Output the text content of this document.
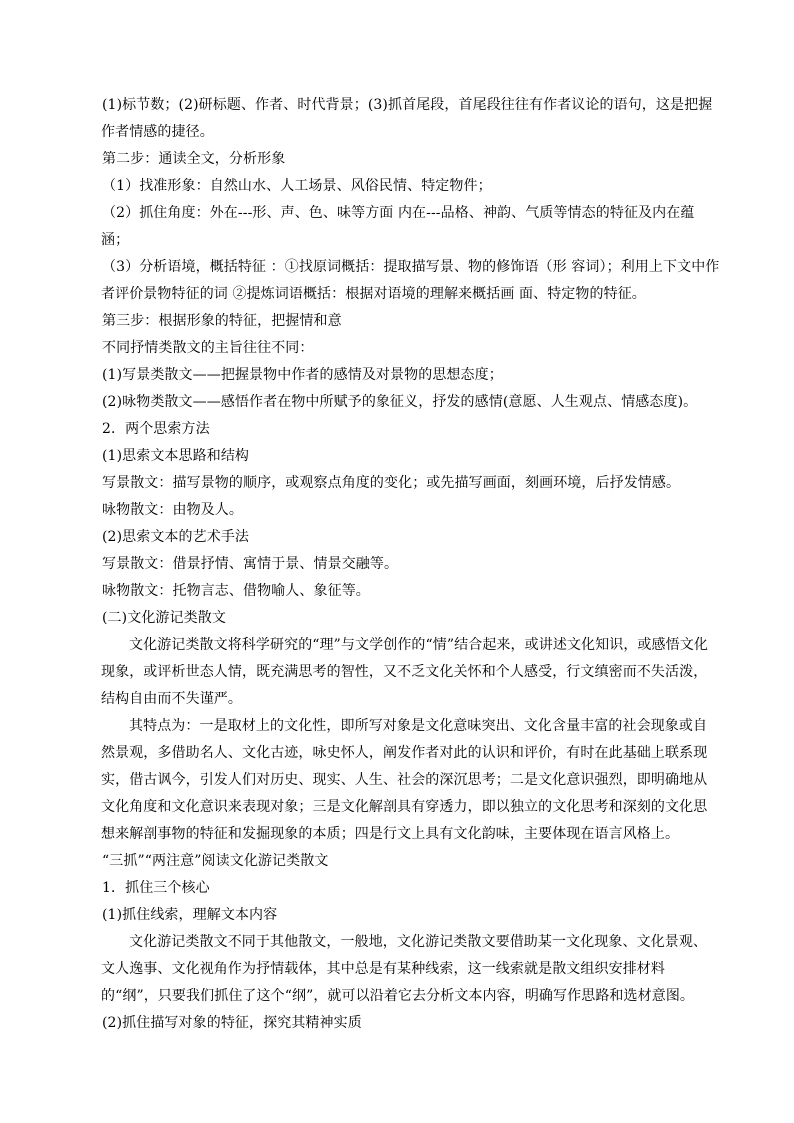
(1)标节数；(2)研标题、作者、时代背景；(3)抓首尾段，首尾段往往有作者议论的语句，这是把握作者情感的捷径。

第二步：通读全文，分析形象

（1）找准形象：自然山水、人工场景、风俗民情、特定物件；

（2）抓住角度：外在---形、声、色、味等方面 内在---品格、神韵、气质等情态的特征及内在蕴涵；

（3）分析语境，概括特征 ：①找原词概括：提取描写景、物的修饰语（形 容词）；利用上下文中作者评价景物特征的词 ②提炼词语概括：根据对语境的理解来概括画 面、特定物的特征。

第三步：根据形象的特征，把握情和意

不同抒情类散文的主旨往往不同：

(1)写景类散文——把握景物中作者的感情及对景物的思想态度；

(2)咏物类散文——感悟作者在物中所赋予的象征义，抒发的感情(意愿、人生观点、情感态度)。

2．两个思索方法

(1)思索文本思路和结构

写景散文：描写景物的顺序，或观察点角度的变化；或先描写画面，刻画环境，后抒发情感。

咏物散文：由物及人。

(2)思索文本的艺术手法

写景散文：借景抒情、寓情于景、情景交融等。

咏物散文：托物言志、借物喻人、象征等。

(二)文化游记类散文

文化游记类散文将科学研究的“理”与文学创作的“情”结合起来，或讲述文化知识，或感悟文化现象，或评析世态人情，既充满思考的智性，又不乏文化关怀和个人感受，行文缜密而不失活泼，结构自由而不失谨严。

其特点为：一是取材上的文化性，即所写对象是文化意味突出、文化含量丰富的社会现象或自然景观，多借助名人、文化古迹，咏史怀人，阐发作者对此的认识和评价，有时在此基础上联系现实，借古讽今，引发人们对历史、现实、人生、社会的深沉思考；二是文化意识强烈，即明确地从文化角度和文化意识来表现对象；三是文化解剖具有穿透力，即以独立的文化思考和深刻的文化思想来解剖事物的特征和发掘现象的本质；四是行文上具有文化韵味，主要体现在语言风格上。

“三抓”“两注意”阅读文化游记类散文

1．抓住三个核心

(1)抓住线索，理解文本内容

文化游记类散文不同于其他散文，一般地，文化游记类散文要借助某一文化现象、文化景观、文人逸事、文化视角作为抒情载体，其中总是有某种线索，这一线索就是散文组织安排材料的“纲”，只要我们抓住了这个“纲”，就可以沿着它去分析文本内容，明确写作思路和选材意图。

(2)抓住描写对象的特征，探究其精神实质
